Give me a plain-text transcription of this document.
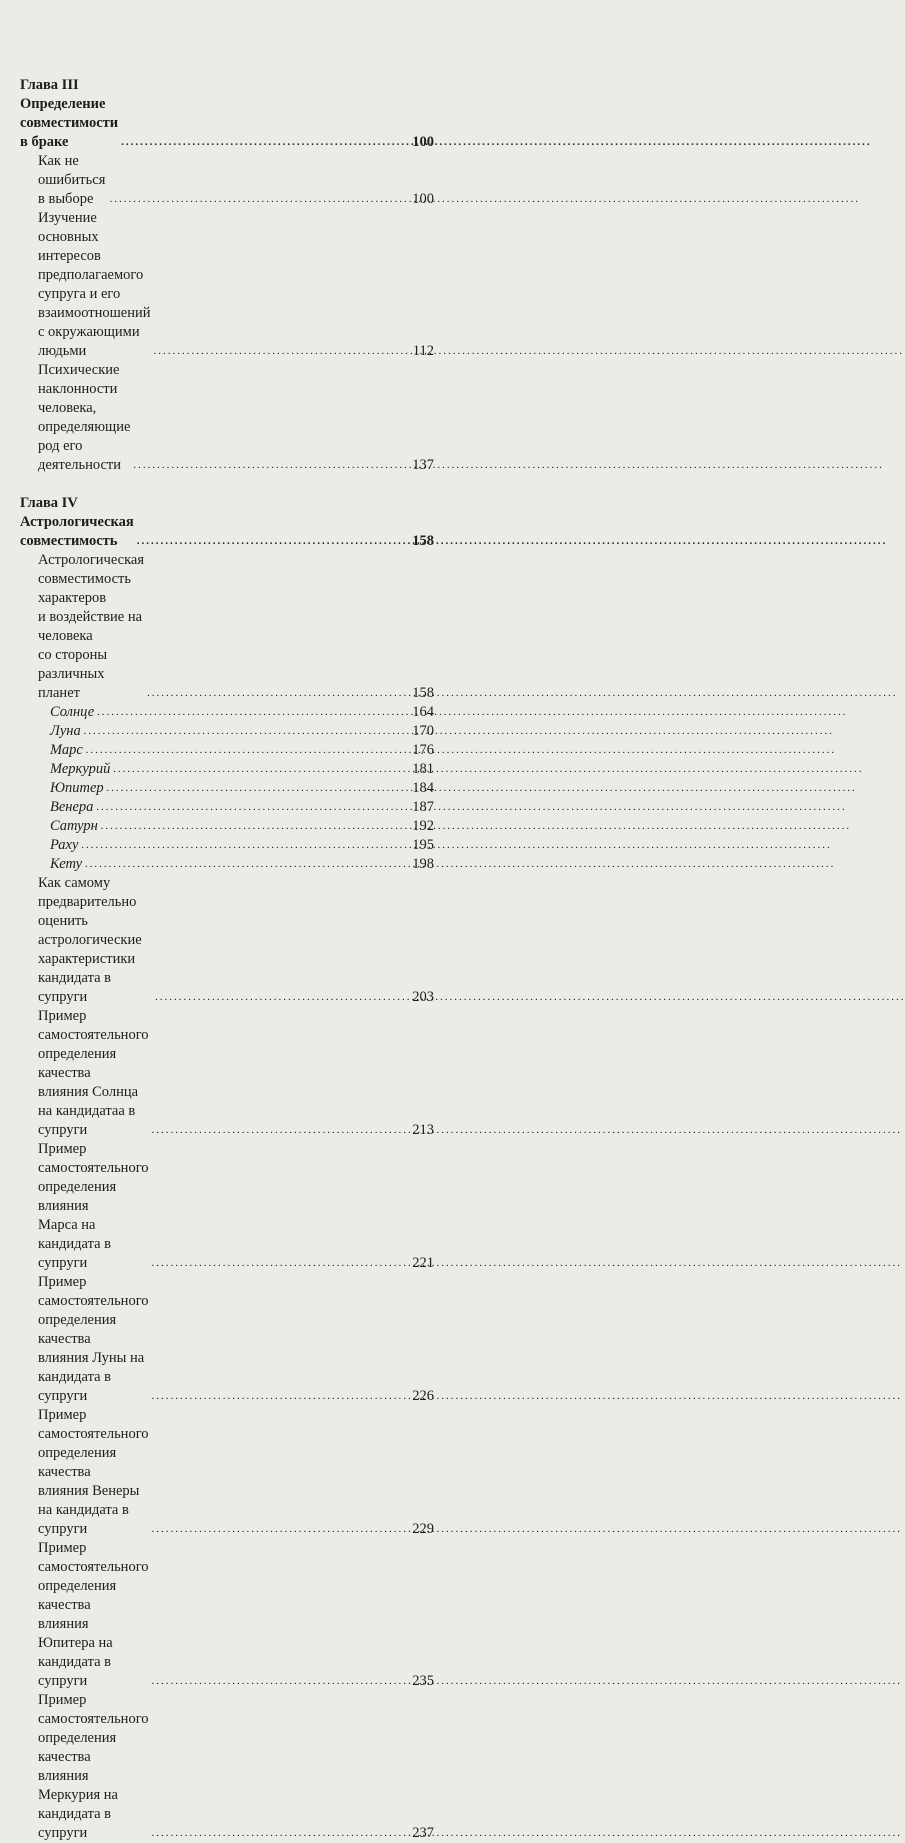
Глава III
Определение совместимости в браке .....	100
Как не ошибиться в выборе .....	100
Изучение основных интересов
предполагаемого супруга и его взаимоотношений
с окружающими людьми .....	112
Психические наклонности человека,
определяющие род его деятельности .....	137
Глава IV
Астрологическая совместимость .....	158
Астрологическая совместимость характеров
и воздействие на человека
со стороны различных планет .....	158
Солнце .....	164
Луна .....	170
Марс .....	176
Меркурий .....	181
Юпитер .....	184
Венера .....	187
Сатурн .....	192
Раху .....	195
Кету .....	198
Как самому предварительно оценить астрологические
характеристики кандидата в супруги .....	203
Пример самостоятельного определения качества
влияния Солнца на кандидатаа в супруги .....	213
Пример самостоятельного определения влияния
Марса на кандидата в супруги .....	221
Пример самостоятельного определения качества
влияния Луны на кандидата в супруги .....	226
Пример самостоятельного определения качества
влияния Венеры на кандидата в супруги .....	229
Пример самостоятельного определения качества
влияния Юпитера на кандидата в супруги .....	235
Пример самостоятельного определения качества
влияния Меркурия на кандидата в супруги .....	237
